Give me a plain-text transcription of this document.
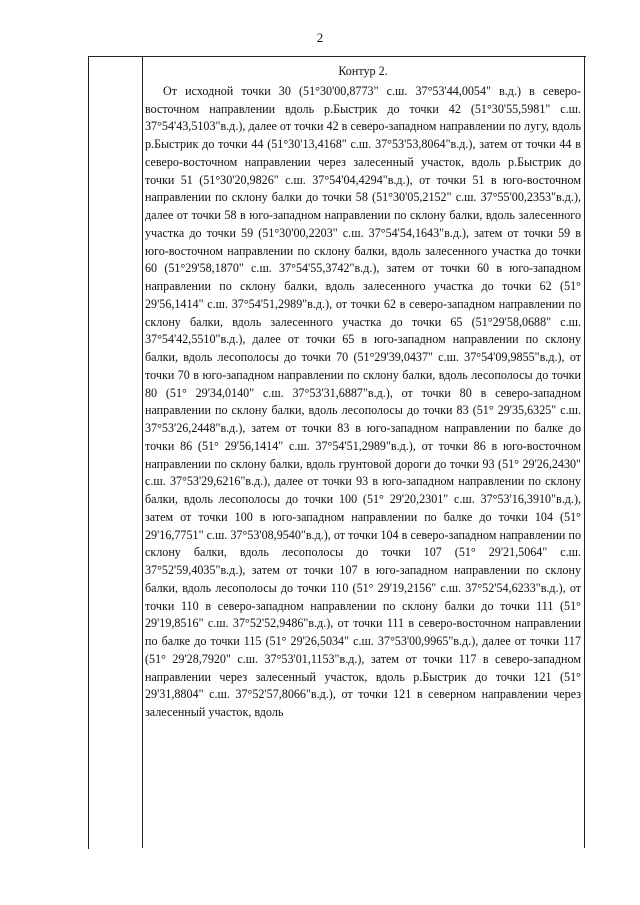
2
Контур 2.

От исходной точки 30 (51°30'00,8773" с.ш. 37°53'44,0054" в.д.) в северо-восточном направлении вдоль р.Быстрик до точки 42 (51°30'55,5981" с.ш. 37°54'43,5103"в.д.), далее от точки 42 в северо-западном направлении по лугу, вдоль р.Быстрик до точки 44 (51°30'13,4168" с.ш. 37°53'53,8064"в.д.), затем от точки 44 в северо-восточном направлении через залесенный участок, вдоль р.Быстрик до точки 51 (51°30'20,9826" с.ш. 37°54'04,4294"в.д.), от точки 51 в юго-восточном направлении по склону балки до точки 58 (51°30'05,2152" с.ш. 37°55'00,2353"в.д.), далее от точки 58 в юго-западном направлении по склону балки, вдоль залесенного участка до точки 59 (51°30'00,2203" с.ш. 37°54'54,1643"в.д.), затем от точки 59 в юго-восточном направлении по склону балки, вдоль залесенного участка до точки 60 (51°29'58,1870" с.ш. 37°54'55,3742"в.д.), затем от точки 60 в юго-западном направлении по склону балки, вдоль залесенного участка до точки 62 (51° 29'56,1414" с.ш. 37°54'51,2989"в.д.), от точки 62 в северо-западном направлении по склону балки, вдоль залесенного участка до точки 65 (51°29'58,0688" с.ш. 37°54'42,5510"в.д.), далее от точки 65 в юго-западном направлении по склону балки, вдоль лесополосы до точки 70 (51°29'39,0437" с.ш. 37°54'09,9855"в.д.), от точки 70 в юго-западном направлении по склону балки, вдоль лесополосы до точки 80 (51° 29'34,0140" с.ш. 37°53'31,6887"в.д.), от точки 80 в северо-западном направлении по склону балки, вдоль лесополосы до точки 83 (51° 29'35,6325" с.ш. 37°53'26,2448"в.д.), затем от точки 83 в юго-западном направлении по балке до точки 86 (51° 29'56,1414" с.ш. 37°54'51,2989"в.д.), от точки 86 в юго-восточном направлении по склону балки, вдоль грунтовой дороги до точки 93 (51° 29'26,2430" с.ш. 37°53'29,6216"в.д.), далее от точки 93 в юго-западном направлении по склону балки, вдоль лесополосы до точки 100 (51° 29'20,2301" с.ш. 37°53'16,3910"в.д.), затем от точки 100 в юго-западном направлении по балке до точки 104 (51° 29'16,7751" с.ш. 37°53'08,9540"в.д.), от точки 104 в северо-западном направлении по склону балки, вдоль лесополосы до точки 107 (51° 29'21,5064" с.ш. 37°52'59,4035"в.д.), затем от точки 107 в юго-западном направлении по склону балки, вдоль лесополосы до точки 110 (51° 29'19,2156" с.ш. 37°52'54,6233"в.д.), от точки 110 в северо-западном направлении по склону балки до точки 111 (51° 29'19,8516" с.ш. 37°52'52,9486"в.д.), от точки 111 в северо-восточном направлении по балке до точки 115 (51° 29'26,5034" с.ш. 37°53'00,9965"в.д.), далее от точки 117 (51° 29'28,7920" с.ш. 37°53'01,1153"в.д.), затем от точки 117 в северо-западном направлении через залесенный участок, вдоль р.Быстрик до точки 121 (51° 29'31,8804" с.ш. 37°52'57,8066"в.д.), от точки 121 в северном направлении через залесенный участок, вдоль
